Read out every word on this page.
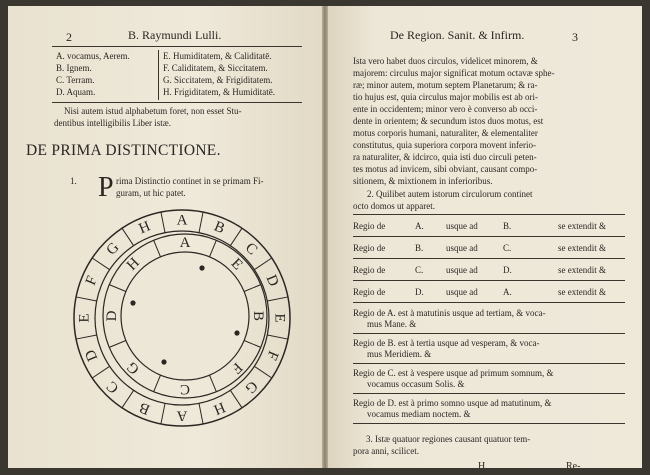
2	B. Raymundi Lulli.
A. vocamus, Aerem.	E. Humiditatem, & Caliditatē.
B. Ignem.	F. Caliditatem, & Siccitatem.
C. Terram.	G. Siccitatem, & Frigiditatem.
D. Aquam.	H. Frigiditatem, & Humiditatē.
Nisi autem istud alphabetum foret, non esset Stu-
dentibus intelligibilis Liber istæ.
DE PRIMA DISTINCTIONE.
1. P rima Distinctio continet in se primam Fi-
guram, ut hic patet.
A B
C
D
E
F
G
H
A
B
C
D
E
F
G
H
A
E
B
F
C
G
D
H
De Region. Sanit. & Infirm.	3
Ista vero habet duos circulos, videlicet minorem, &
majorem: circulus major significat motum octavæ sphe-
ræ; minor autem, motum septem Planetarum; & ra-
tio hujus est, quia circulus major mobilis est ab ori-
ente in occidentem; minor vero è converso ab occi-
dente in orientem; & secundum istos duos motus, est
motus corporis humani, naturaliter, & elementaliter
constitutus, quia superiora corpora movent inferio-
ra naturaliter, & idcirco, quia isti duo circuli peten-
tes motus ad invicem, sibi obviant, causant compo-
sitionem, & mixtionem in inferioribus.
2. Quilibet autem istorum circulorum continet
octo domos ut apparet.
Regio de	A. usque ad	B.	se extendit &
Regio de	B.	usque ad	C.	se extendit &
Regio de	C.	usque ad	D.	se extendit &
Regio de	D. usque ad	A.	se extendit &
Regio de A. est à matutinis usque ad tertiam, & voca-
mus Mane. &
Regio de B. est à tertia usque ad vesperam, & voca-
mus Meridiem. &
Regio de C. est à vespere usque ad primum somnum, &
vocamus occasum Solis. &
Regio de D. est à primo somno usque ad matutinum, &
vocamus mediam noctem. &
3. Istæ quatuor regiones causant quatuor tem-
pora anni, scilicet.
H	Re-
